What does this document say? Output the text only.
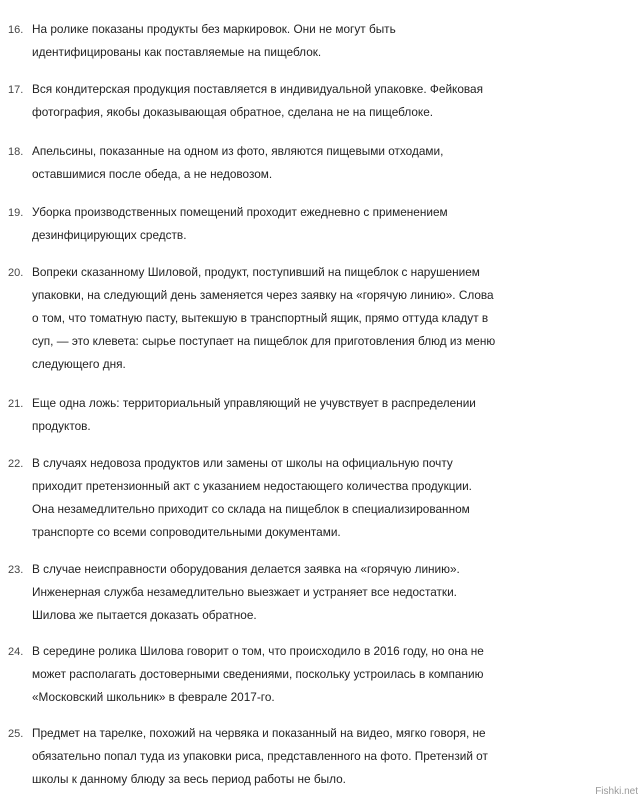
16. На ролике показаны продукты без маркировок. Они не могут быть
идентифицированы как поставляемые на пищеблок.
17. Вся кондитерская продукция поставляется в индивидуальной упаковке. Фейковая
фотография, якобы доказывающая обратное, сделана не на пищеблоке.
18. Апельсины, показанные на одном из фото, являются пищевыми отходами,
оставшимися после обеда, а не недовозом.
19. Уборка производственных помещений проходит ежедневно с применением
дезинфицирующих средств.
20. Вопреки сказанному Шиловой, продукт, поступивший на пищеблок с нарушением
упаковки, на следующий день заменяется через заявку на «горячую линию». Слова
о том, что томатную пасту, вытекшую в транспортный ящик, прямо оттуда кладут в
суп, — это клевета: сырье поступает на пищеблок для приготовления блюд из меню
следующего дня.
21. Еще одна ложь: территориальный управляющий не учувствует в распределении
продуктов.
22. В случаях недовоза продуктов или замены от школы на официальную почту
приходит претензионный акт с указанием недостающего количества продукции.
Она незамедлительно приходит со склада на пищеблок в специализированном
транспорте со всеми сопроводительными документами.
23. В случае неисправности оборудования делается заявка на «горячую линию».
Инженерная служба незамедлительно выезжает и устраняет все недостатки.
Шилова же пытается доказать обратное.
24. В середине ролика Шилова говорит о том, что происходило в 2016 году, но она не
может располагать достоверными сведениями, поскольку устроилась в компанию
«Московский школьник» в феврале 2017-го.
25. Предмет на тарелке, похожий на червяка и показанный на видео, мягко говоря, не
обязательно попал туда из упаковки риса, представленного на фото. Претензий от
школы к данному блюду за весь период работы не было.
Fishki.net
